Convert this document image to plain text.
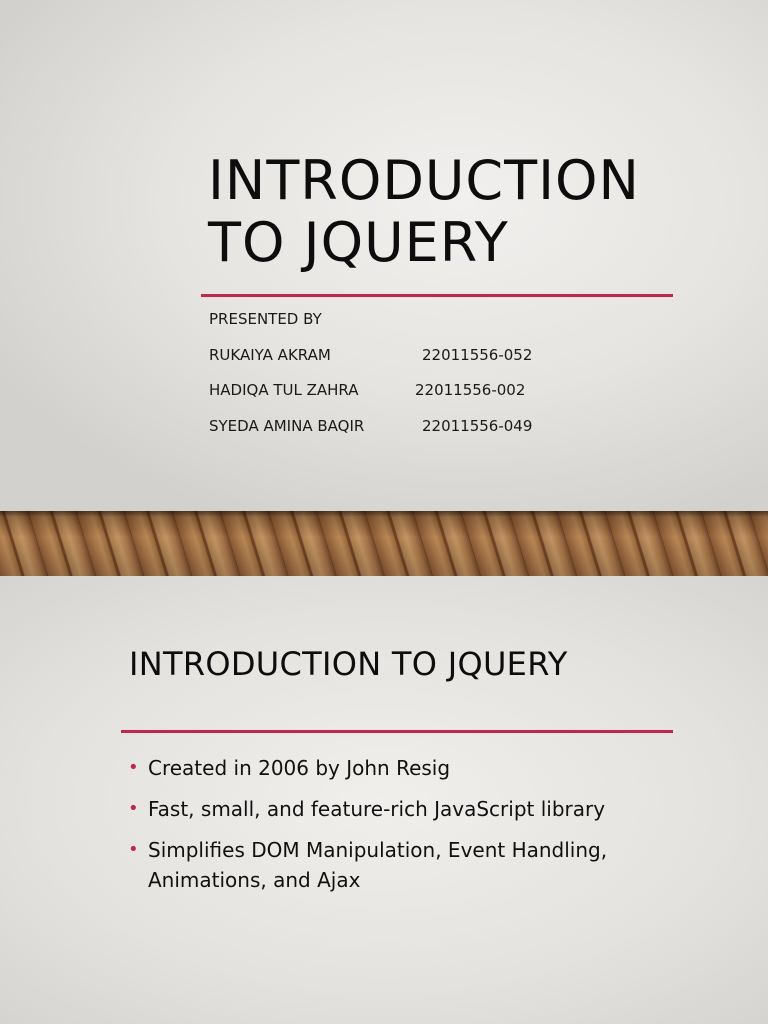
INTRODUCTION
TO JQUERY
PRESENTED BY
RUKAIYA AKRAM	22011556-052
HADIQA TUL ZAHRA	22011556-002
SYEDA AMINA BAQIR	22011556-049
INTRODUCTION TO JQUERY
• Created in 2006 by John Resig
• Fast, small, and feature-rich JavaScript library
• Simplifies DOM Manipulation, Event Handling, Animations, and Ajax
